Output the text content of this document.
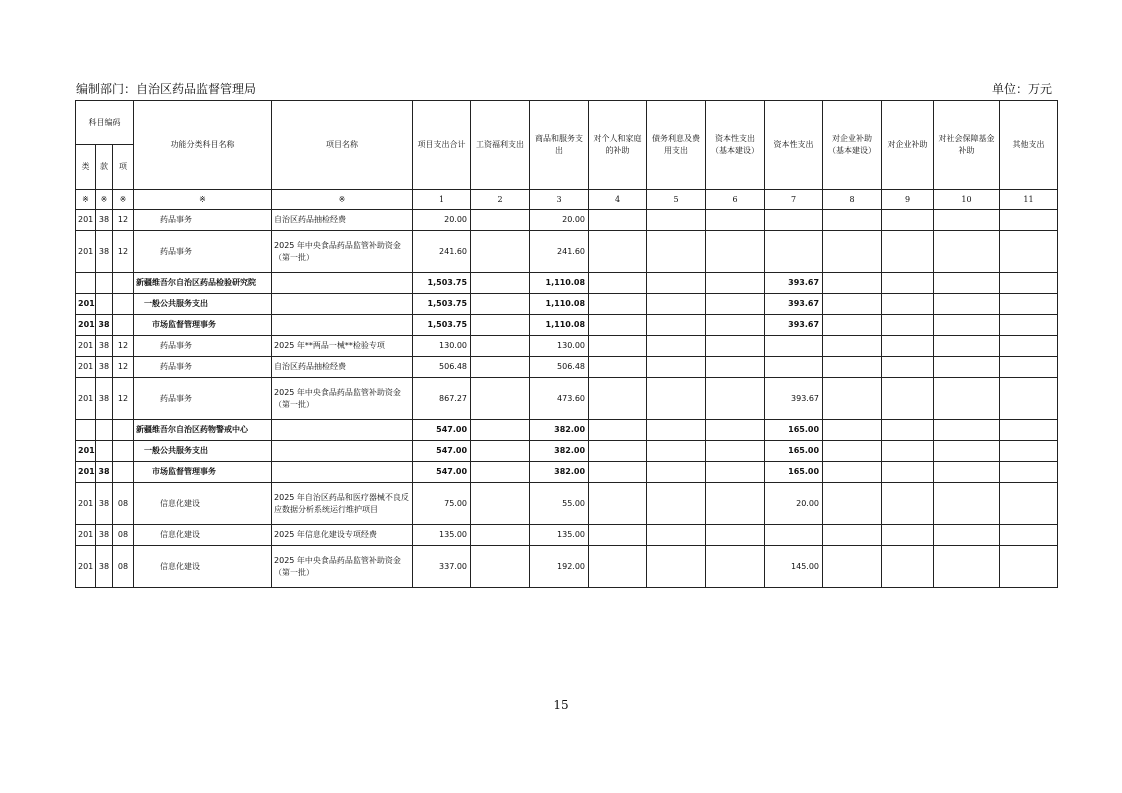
编制部门：自治区药品监督管理局	单位：万元
科目编码			功能分类科目名称	项目名称	项目支出合计	工资福利支出	商品和服务支出	对个人和家庭的补助	债务利息及费用支出	资本性支出（基本建设）	资本性支出	对企业补助（基本建设）	对企业补助	对社会保障基金补助	其他支出
类	款	项													
※	※	※	※	※	1	2	3	4	5	6	7	8	9	10	11
201	38	12	药品事务	自治区药品抽检经费	20.00		20.00								
201	38	12	药品事务	2025 年中央食品药品监管补助资金（第一批）	241.60		241.60								
			新疆维吾尔自治区药品检验研究院		1,503.75		1,110.08				393.67				
201			一般公共服务支出		1,503.75		1,110.08				393.67				
201	38		市场监督管理事务		1,503.75		1,110.08				393.67				
201	38	12	药品事务	2025 年**两品一械**检验专项	130.00		130.00								
201	38	12	药品事务	自治区药品抽检经费	506.48		506.48								
201	38	12	药品事务	2025 年中央食品药品监管补助资金（第一批）	867.27		473.60				393.67				
			新疆维吾尔自治区药物警戒中心		547.00		382.00				165.00				
201			一般公共服务支出		547.00		382.00				165.00				
201	38		市场监督管理事务		547.00		382.00				165.00				
201	38	08	信息化建设	2025 年自治区药品和医疗器械不良反应数据分析系统运行维护项目	75.00		55.00				20.00				
201	38	08	信息化建设	2025 年信息化建设专项经费	135.00		135.00								
201	38	08	信息化建设	2025 年中央食品药品监管补助资金（第一批）	337.00		192.00				145.00				
15
